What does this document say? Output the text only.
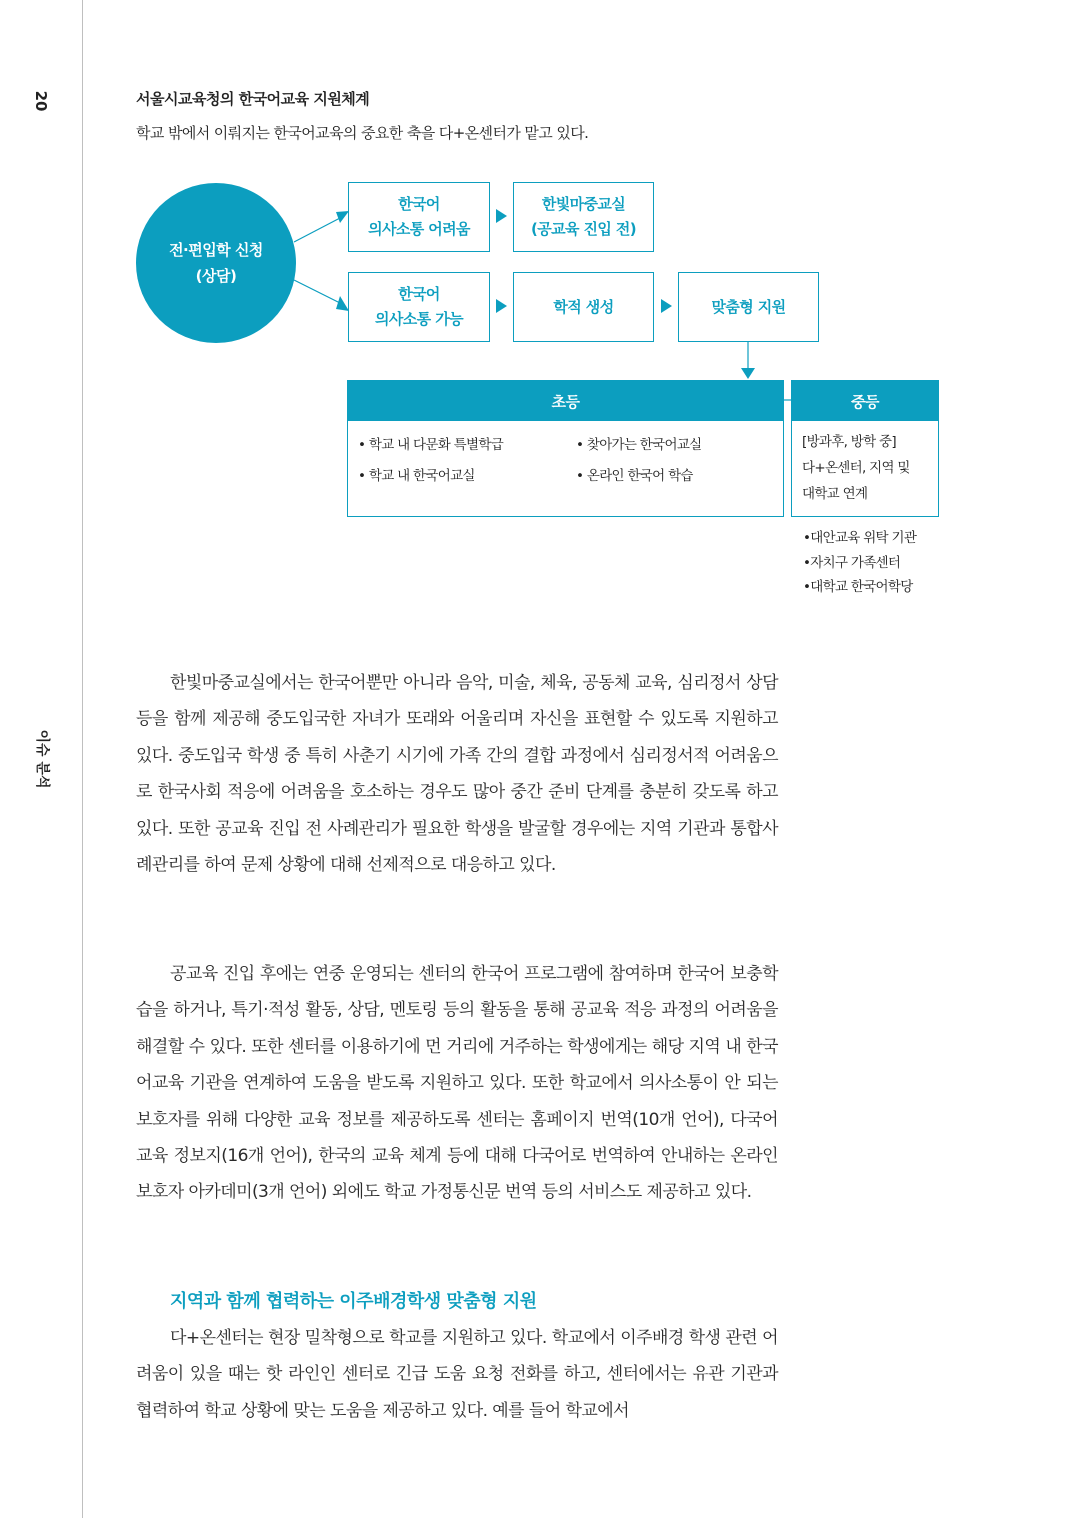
20
이슈 분석
서울시교육청의 한국어교육 지원체계
학교 밖에서 이뤄지는 한국어교육의 중요한 축을 다+온센터가 맡고 있다.
전·편입학 신청
(상담)
한국어
의사소통 어려움
한빛마중교실
(공교육 진입 전)
한국어
의사소통 가능
학적 생성	맞춤형 지원
초등
• 학교 내 다문화 특별학급
• 학교 내 한국어교실
• 찾아가는 한국어교실
• 온라인 한국어 학습
중등
[방과후, 방학 중]
다+온센터, 지역 및
대학교 연계
•대안교육 위탁 기관
•자치구 가족센터
•대학교 한국어학당

한빛마중교실에서는 한국어뿐만 아니라 음악, 미술, 체육, 공동체 교육, 심리정서 상담 등을 함께 제공해 중도입국한 자녀가 또래와 어울리며 자신을 표현할 수 있도록 지원하고 있다. 중도입국 학생 중 특히 사춘기 시기에 가족 간의 결합 과정에서 심리정서적 어려움으로 한국사회 적응에 어려움을 호소하는 경우도 많아 중간 준비 단계를 충분히 갖도록 하고 있다. 또한 공교육 진입 전 사례관리가 필요한 학생을 발굴할 경우에는 지역 기관과 통합사례관리를 하여 문제 상황에 대해 선제적으로 대응하고 있다.

공교육 진입 후에는 연중 운영되는 센터의 한국어 프로그램에 참여하며 한국어 보충학습을 하거나, 특기·적성 활동, 상담, 멘토링 등의 활동을 통해 공교육 적응 과정의 어려움을 해결할 수 있다. 또한 센터를 이용하기에 먼 거리에 거주하는 학생에게는 해당 지역 내 한국어교육 기관을 연계하여 도움을 받도록 지원하고 있다. 또한 학교에서 의사소통이 안 되는 보호자를 위해 다양한 교육 정보를 제공하도록 센터는 홈페이지 번역(10개 언어), 다국어 교육 정보지(16개 언어), 한국의 교육 체계 등에 대해 다국어로 번역하여 안내하는 온라인 보호자 아카데미(3개 언어) 외에도 학교 가정통신문 번역 등의 서비스도 제공하고 있다.

지역과 함께 협력하는 이주배경학생 맞춤형 지원

다+온센터는 현장 밀착형으로 학교를 지원하고 있다. 학교에서 이주배경 학생 관련 어려움이 있을 때는 핫 라인인 센터로 긴급 도움 요청 전화를 하고, 센터에서는 유관 기관과 협력하여 학교 상황에 맞는 도움을 제공하고 있다. 예를 들어 학교에서
